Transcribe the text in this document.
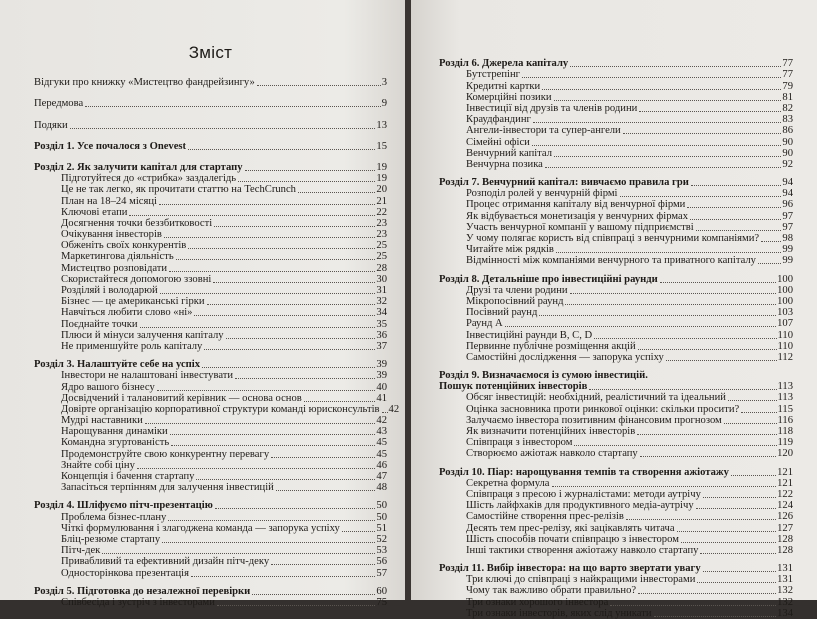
Зміст
Відгуки про книжку «Мистецтво фандрейзингу»	3
Передмова	9
Подяки	13
Розділ 1. Усе почалося з Onevest	15
Розділ 2. Як залучити капітал для стартапу	19
Підготуйтеся до «стрибка» заздалегідь	19
Це не так легко, як прочитати статтю на TechCrunch	20
План на 18–24 місяці	21
Ключові етапи	22
Досягнення точки беззбитковості	23
Очікування інвесторів	23
Обженіть своїх конкурентів	25
Маркетингова діяльність	25
Мистецтво розповідати	28
Скористайтеся допомогою ззовні	30
Розділяй і володарюй	31
Бізнес — це американські гірки	32
Навчіться любити слово «ні»	34
Поєднайте точки	35
Плюси й мінуси залучення капіталу	36
Не применшуйте роль капіталу	37
Розділ 3. Налаштуйте себе на успіх	39
Інвестори не налаштовані інвестувати	39
Ядро вашого бізнесу	40
Досвідчений і талановитий керівник — основа основ	41
Довірте організацію корпоративної структури команді юрисконсультів 42
Мудрі наставники	42
Нарощування динаміки	43
Командна згуртованість	45
Продемонструйте свою конкурентну перевагу	45
Знайте собі ціну	46
Концепція і бачення стартапу	47
Запасіться терпінням для залучення інвестицій	48
Розділ 4. Шліфуємо пітч-презентацію	50
Проблема бізнес-плану	50
Чіткі формулювання і злагоджена команда — запорука успіху	51
Бліц-резюме стартапу	52
Пітч-дек	53
Привабливий та ефективний дизайн пітч-деку	56
Односторінкова презентація	57
Розділ 5. Підготовка до незалежної перевірки	60
Співбесіда і зустріч з інвесторами	75
Розділ 6. Джерела капіталу	77
Бутстрепінг	77
Кредитні картки	79
Комерційні позики	81
Інвестиції від друзів та членів родини	82
Краудфандинг	83
Ангели-інвестори та супер-ангели	86
Сімейні офіси	90
Венчурний капітал	90
Венчурна позика	92
Розділ 7. Венчурний капітал: вивчаємо правила гри	94
Розподіл ролей у венчурній фірмі	94
Процес отримання капіталу від венчурної фірми	96
Як відбувається монетизація у венчурних фірмах	97
Участь венчурної компанії у вашому підприємстві	97
У чому полягає користь від співпраці з венчурними компаніями? 98
Читайте між рядків	99
Відмінності між компаніями венчурного та приватного капіталу 99
Розділ 8. Детальніше про інвестиційні раунди	100
Друзі та члени родини	100
Мікропосівний раунд	100
Посівний раунд	103
Раунд A	107
Інвестиційні раунди B, C, D	110
Первинне публічне розміщення акцій	110
Самостійні дослідження — запорука успіху	112
Розділ 9. Визначаємося із сумою інвестицій.
Пошук потенційних інвесторів	113
Обсяг інвестицій: необхідний, реалістичний та ідеальний	113
Оцінка засновника проти ринкової оцінки: скільки просити?	115
Залучаємо інвестора позитивним фінансовим прогнозом	116
Як визначити потенційних інвесторів	118
Співпраця з інвестором	119
Створюємо ажіотаж навколо стартапу	120
Розділ 10. Піар: нарощування темпів та створення ажіотажу	121
Секретна формула	121
Співпраця з пресою і журналістами: методи аутрічу	122
Шість лайфхаків для продуктивного медіа-аутрічу	124
Самостійне створення прес-релізів	126
Десять тем прес-релізу, які зацікавлять читача	127
Шість способів почати співпрацю з інвестором	128
Інші тактики створення ажіотажу навколо стартапу	128
Розділ 11. Вибір інвестора: на що варто звертати увагу	131
Три ключі до співпраці з найкращими інвесторами	131
Чому так важливо обрати правильно?	132
Три ознаки хорошого інвестора	132
Три ознаки інвесторів, яких слід уникати	134
